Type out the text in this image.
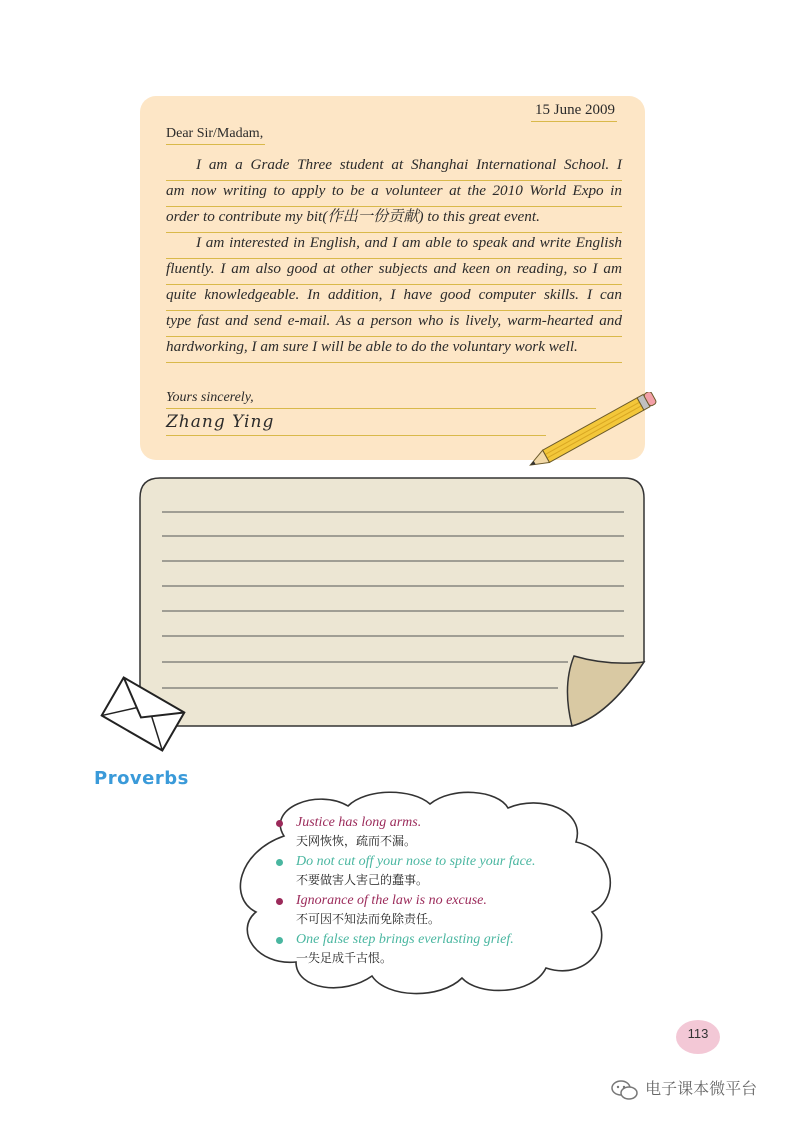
15 June 2009
Dear Sir/Madam,
I am a Grade Three student at Shanghai International School. I
am now writing to apply to be a volunteer at the 2010 World Expo in
order to contribute my bit(作出一份贡献) to this great event.
I am interested in English, and I am able to speak and write English
fluently. I am also good at other subjects and keen on reading, so I am
quite knowledgeable. In addition, I have good computer skills. I can
type fast and send e-mail. As a person who is lively, warm-hearted and
hardworking, I am sure I will be able to do the voluntary work well.
Yours sincerely,
Zhang Ying
Proverbs
Justice has long arms.
天网恢恢，疏而不漏。
Do not cut off your nose to spite your face.
不要做害人害己的蠢事。
Ignorance of the law is no excuse.
不可因不知法而免除责任。
One false step brings everlasting grief.
一失足成千古恨。
113
电子课本微平台
